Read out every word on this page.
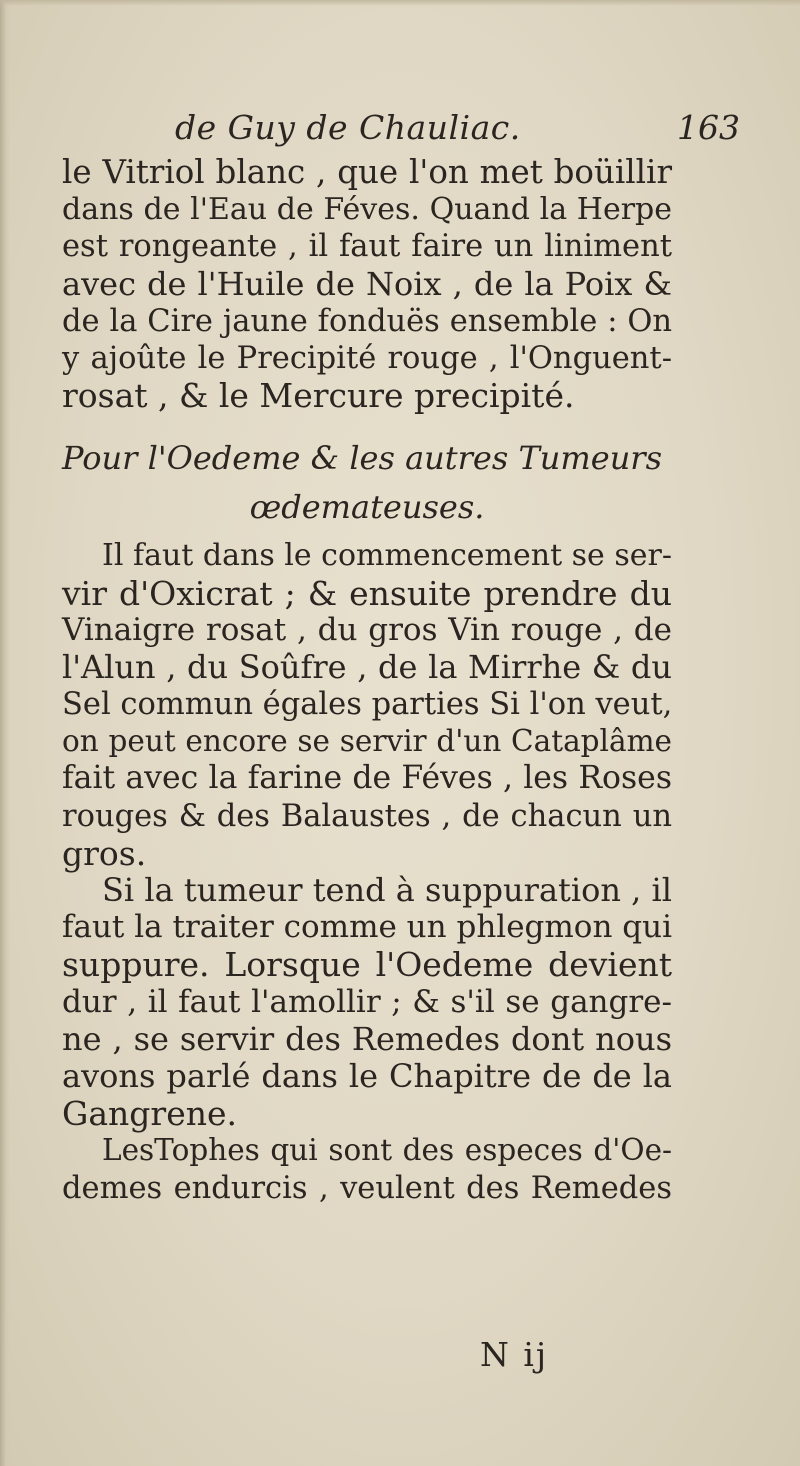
de Guy de Chauliac.	163
le Vitriol blanc , que l'on met boüillir
dans de l'Eau de Féves. Quand la Herpe
est rongeante , il faut faire un liniment
avec de l'Huile de Noix , de la Poix &
de la Cire jaune fonduës ensemble : On
y ajoûte le Precipité rouge , l'Onguent-
rosat , & le Mercure precipité.
Pour l'Oedeme & les autres Tumeurs
œdemateuses.
Il faut dans le commencement se ser-
vir d'Oxicrat ; & ensuite prendre du
Vinaigre rosat , du gros Vin rouge , de
l'Alun , du Soûfre , de la Mirrhe & du
Sel commun égales parties Si l'on veut,
on peut encore se servir d'un Cataplâme
fait avec la farine de Féves , les Roses
rouges & des Balaustes , de chacun un
gros.
Si la tumeur tend à suppuration , il
faut la traiter comme un phlegmon qui
suppure. Lorsque l'Oedeme devient
dur , il faut l'amollir ; & s'il se gangre-
ne , se servir des Remedes dont nous
avons parlé dans le Chapitre de de la
Gangrene.
LesTophes qui sont des especes d'Oe-
demes endurcis , veulent des Remedes
N ij
